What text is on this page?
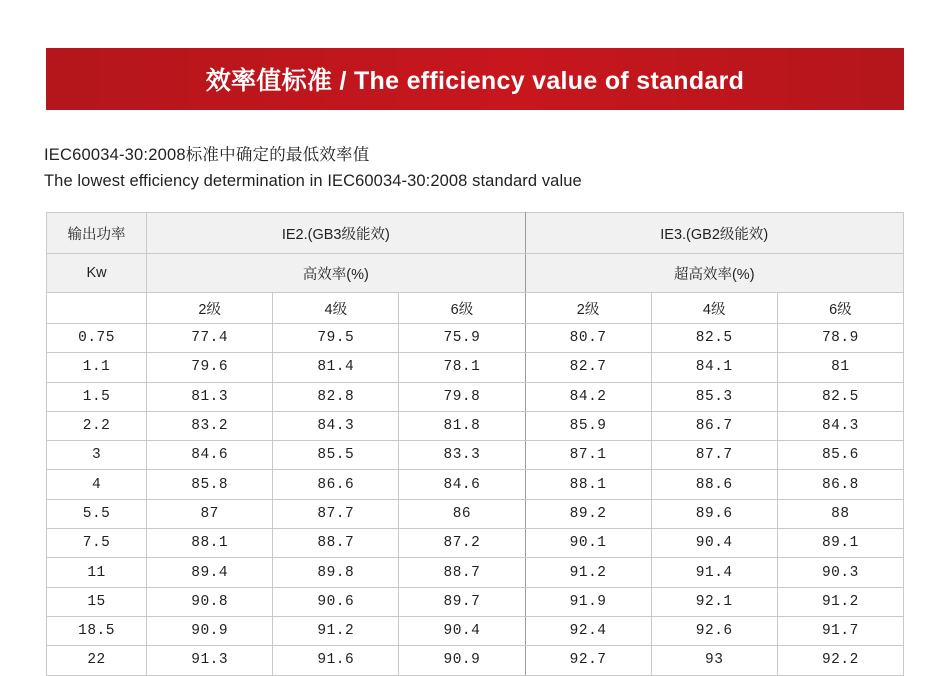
效率值标准 / The efficiency value of standard
IEC60034-30:2008标准中确定的最低效率值
The lowest efficiency determination in IEC60034-30:2008 standard value
输出功率	IE2.(GB3级能效)			IE3.(GB2级能效)		
Kw	高效率(%)			超高效率(%)		
	2级	4级	6级	2级	4级	6级
0.75	77.4	79.5	75.9	80.7	82.5	78.9
1.1	79.6	81.4	78.1	82.7	84.1	81
1.5	81.3	82.8	79.8	84.2	85.3	82.5
2.2	83.2	84.3	81.8	85.9	86.7	84.3
3	84.6	85.5	83.3	87.1	87.7	85.6
4	85.8	86.6	84.6	88.1	88.6	86.8
5.5	87	87.7	86	89.2	89.6	88
7.5	88.1	88.7	87.2	90.1	90.4	89.1
11	89.4	89.8	88.7	91.2	91.4	90.3
15	90.8	90.6	89.7	91.9	92.1	91.2
18.5	90.9	91.2	90.4	92.4	92.6	91.7
22	91.3	91.6	90.9	92.7	93	92.2
